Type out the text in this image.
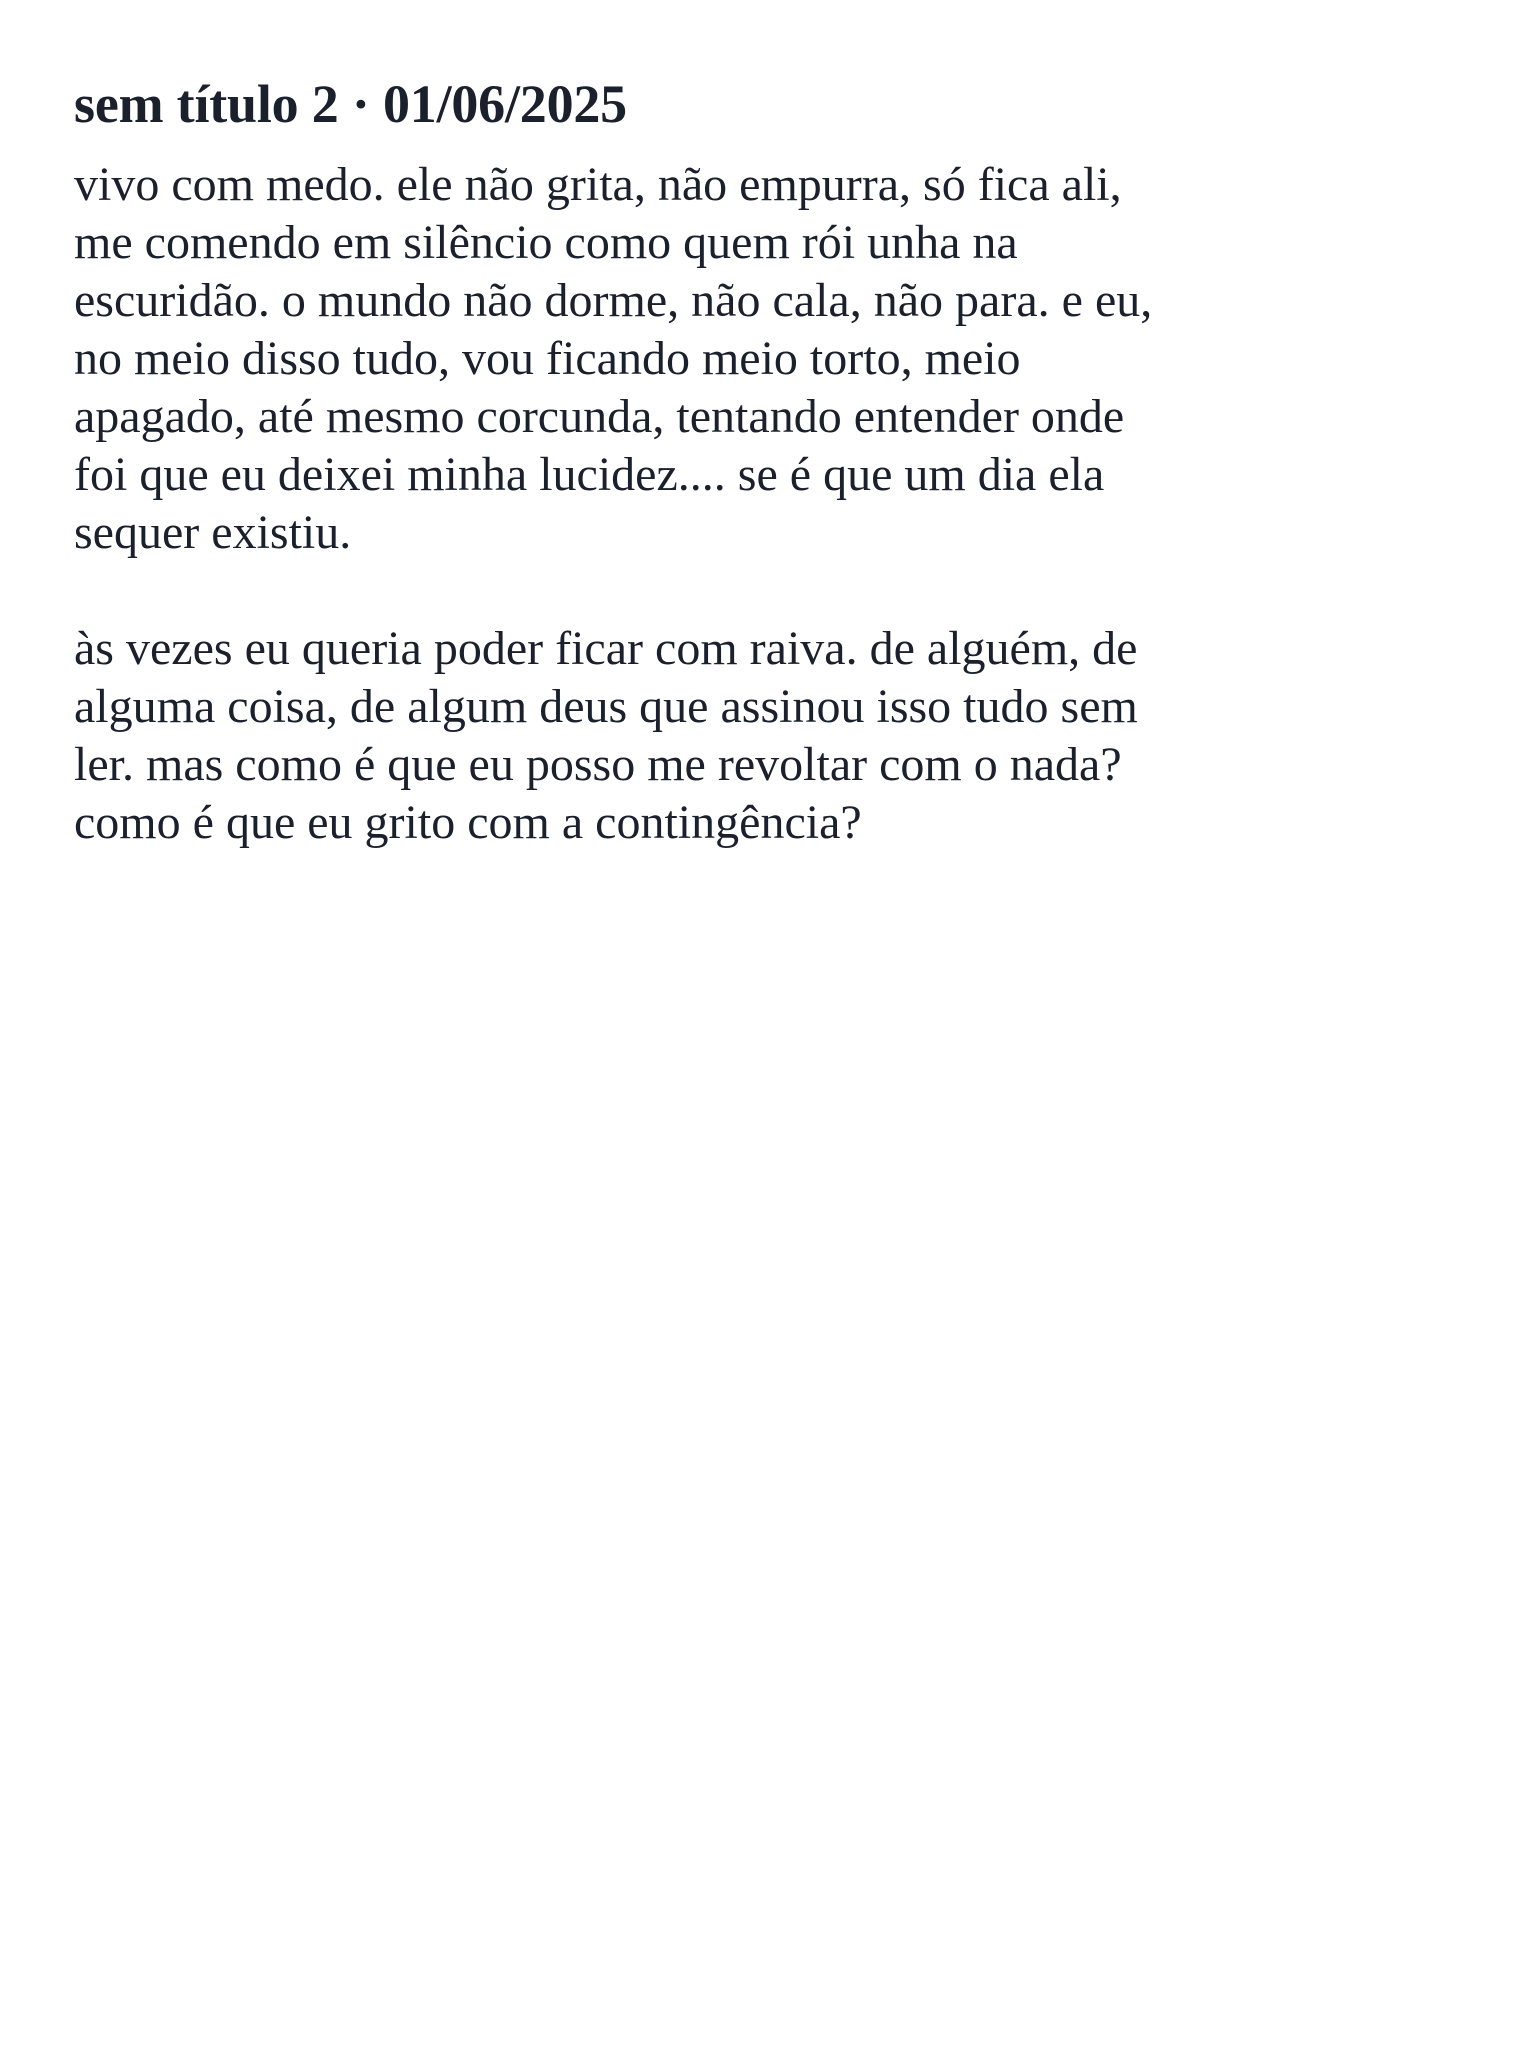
sem título 2 · 01/06/2025

vivo com medo. ele não grita, não empurra, só fica ali,
me comendo em silêncio como quem rói unha na
escuridão. o mundo não dorme, não cala, não para. e eu,
no meio disso tudo, vou ficando meio torto, meio
apagado, até mesmo corcunda, tentando entender onde
foi que eu deixei minha lucidez.... se é que um dia ela
sequer existiu.

às vezes eu queria poder ficar com raiva. de alguém, de
alguma coisa, de algum deus que assinou isso tudo sem
ler. mas como é que eu posso me revoltar com o nada?
como é que eu grito com a contingência?
